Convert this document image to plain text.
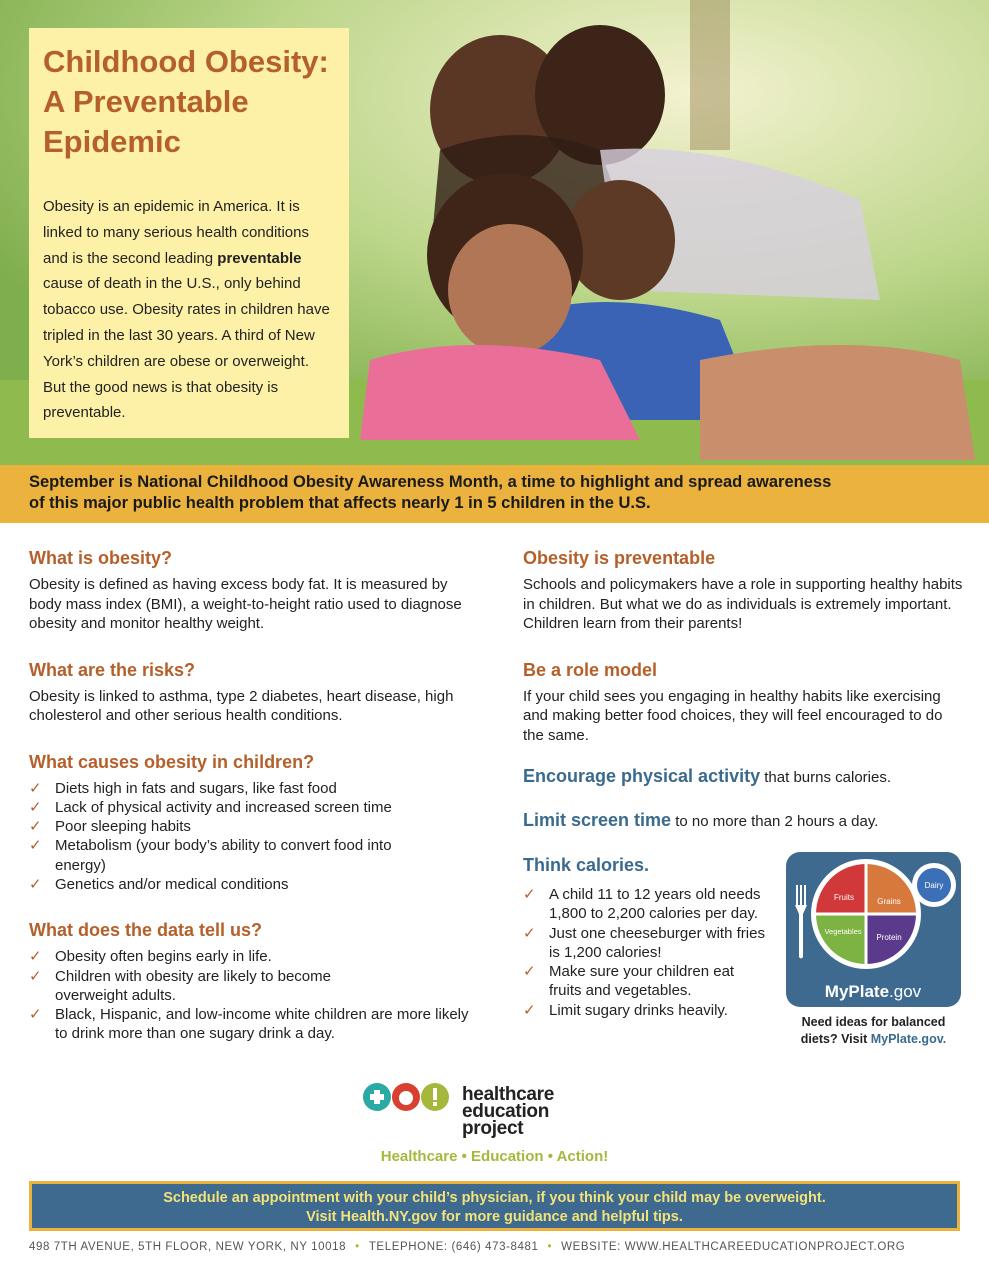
Childhood Obesity:
A Preventable
Epidemic

Obesity is an epidemic in America. It is linked to many serious health conditions and is the second leading preventable cause of death in the U.S., only behind tobacco use. Obesity rates in children have tripled in the last 30 years. A third of New York’s children are obese or overweight. But the good news is that obesity is preventable.

September is National Childhood Obesity Awareness Month, a time to highlight and spread awareness
of this major public health problem that affects nearly 1 in 5 children in the U.S.
What is obesity?

Obesity is defined as having excess body fat. It is measured by body mass index (BMI), a weight-to-height ratio used to diagnose obesity and monitor healthy weight.

What are the risks?

Obesity is linked to asthma, type 2 diabetes, heart disease, high cholesterol and other serious health conditions.

What causes obesity in children?
✓ Diets high in fats and sugars, like fast food
✓ Lack of physical activity and increased screen time
✓ Poor sleeping habits
✓ Metabolism (your body’s ability to convert food into energy)
✓ Genetics and/or medical conditions
What does the data tell us?
✓ Obesity often begins early in life.
✓ Children with obesity are likely to become overweight adults.
✓ Black, Hispanic, and low-income white children are more likely to drink more than one sugary drink a day.
Obesity is preventable

Schools and policymakers have a role in supporting healthy habits in children. But what we do as individuals is extremely important. Children learn from their parents!

Be a role model

If your child sees you engaging in healthy habits like exercising and making better food choices, they will feel encouraged to do the same.

Encourage physical activity that burns calories.
Limit screen time to no more than 2 hours a day.
Think calories.
✓ A child 11 to 12 years old needs 1,800 to 2,200 calories per day.
✓ Just one cheeseburger with fries is 1,200 calories!
✓ Make sure your children eat fruits and vegetables.
✓ Limit sugary drinks heavily.
Fruits	Grains
Vegetables
Protein
Dairy
MyPlate.gov
Need ideas for balanced diets? Visit MyPlate.gov.
healthcare
education
project
Healthcare • Education • Action!
Schedule an appointment with your child’s physician, if you think your child may be overweight.
Visit Health.NY.gov for more guidance and helpful tips.
498 7TH AVENUE, 5TH FLOOR, NEW YORK, NY 10018 • TELEPHONE: (646) 473-8481 • WEBSITE: WWW.HEALTHCAREEDUCATIONPROJECT.ORG
